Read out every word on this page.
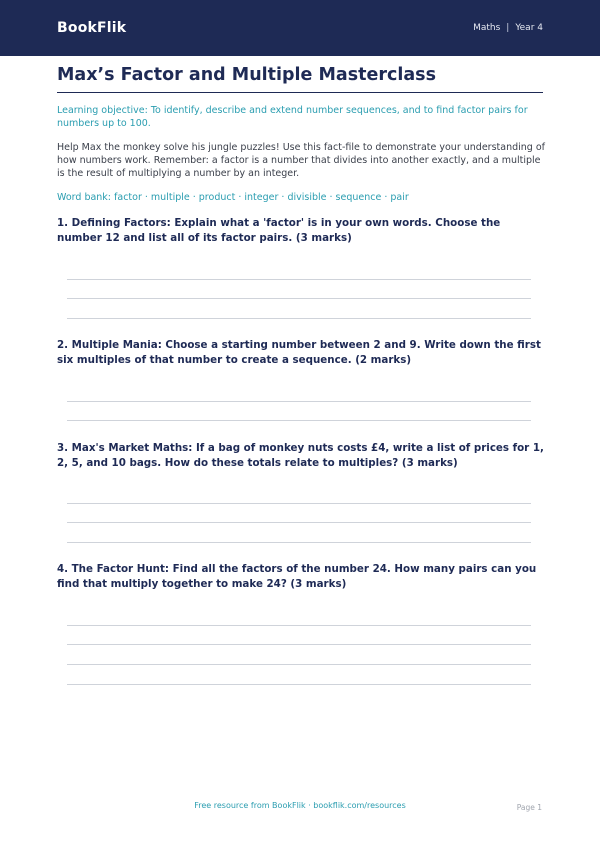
BookFlik	Maths | Year 4
Max’s Factor and Multiple Masterclass

Learning objective: To identify, describe and extend number sequences, and to find factor pairs for numbers up to 100.

Help Max the monkey solve his jungle puzzles! Use this fact-file to demonstrate your understanding of how numbers work. Remember: a factor is a number that divides into another exactly, and a multiple is the result of multiplying a number by an integer.

Word bank: factor · multiple · product · integer · divisible · sequence · pair

1. Defining Factors: Explain what a 'factor' is in your own words. Choose the number 12 and list all of its factor pairs. (3 marks)
2. Multiple Mania: Choose a starting number between 2 and 9. Write down the first six multiples of that number to create a sequence. (2 marks)
3. Max's Market Maths: If a bag of monkey nuts costs £4, write a list of prices for 1, 2, 5, and 10 bags. How do these totals relate to multiples? (3 marks)
4. The Factor Hunt: Find all the factors of the number 24. How many pairs can you find that multiply together to make 24? (3 marks)
Free resource from BookFlik · bookflik.com/resources	Page 1
